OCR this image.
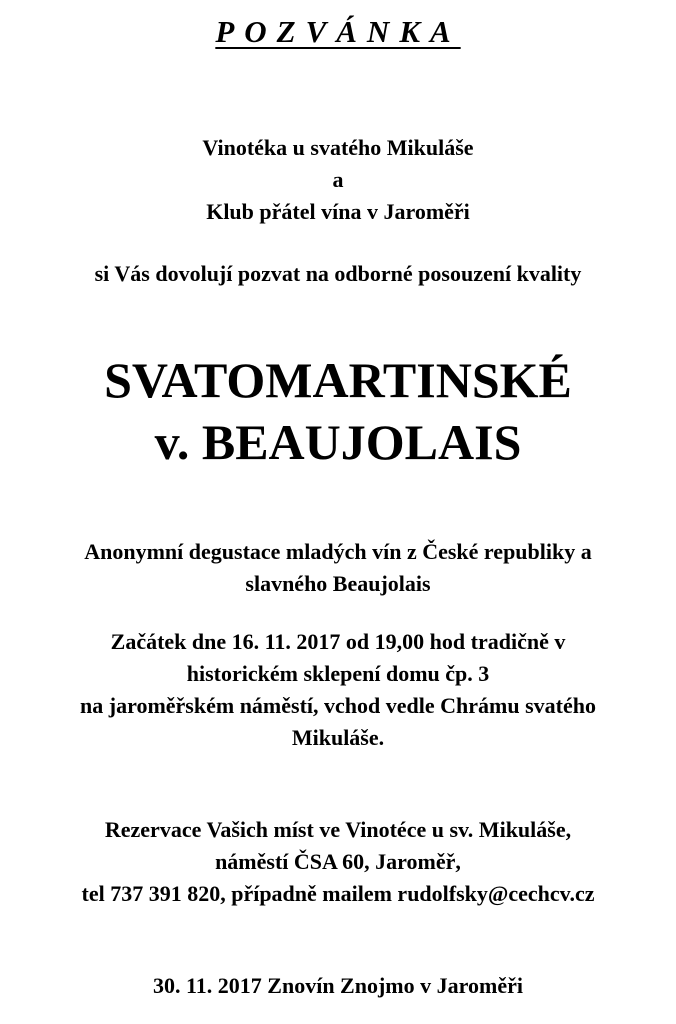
POZVÁNKA
Vinotéka u svatého Mikuláše
a
Klub přátel vína v Jaroměři
si Vás dovolují pozvat na odborné posouzení kvality
SVATOMARTINSKÉ
v. BEAUJOLAIS
Anonymní degustace mladých vín z České republiky a
slavného Beaujolais
Začátek dne 16. 11. 2017 od 19,00 hod tradičně v
historickém sklepení domu čp. 3
na jaroměřském náměstí, vchod vedle Chrámu svatého
Mikuláše.
Rezervace Vašich míst ve Vinotéce u sv. Mikuláše,
náměstí ČSA 60, Jaroměř,
tel 737 391 820, případně mailem rudolfsky@cechcv.cz
30. 11. 2017 Znovín Znojmo v Jaroměři
